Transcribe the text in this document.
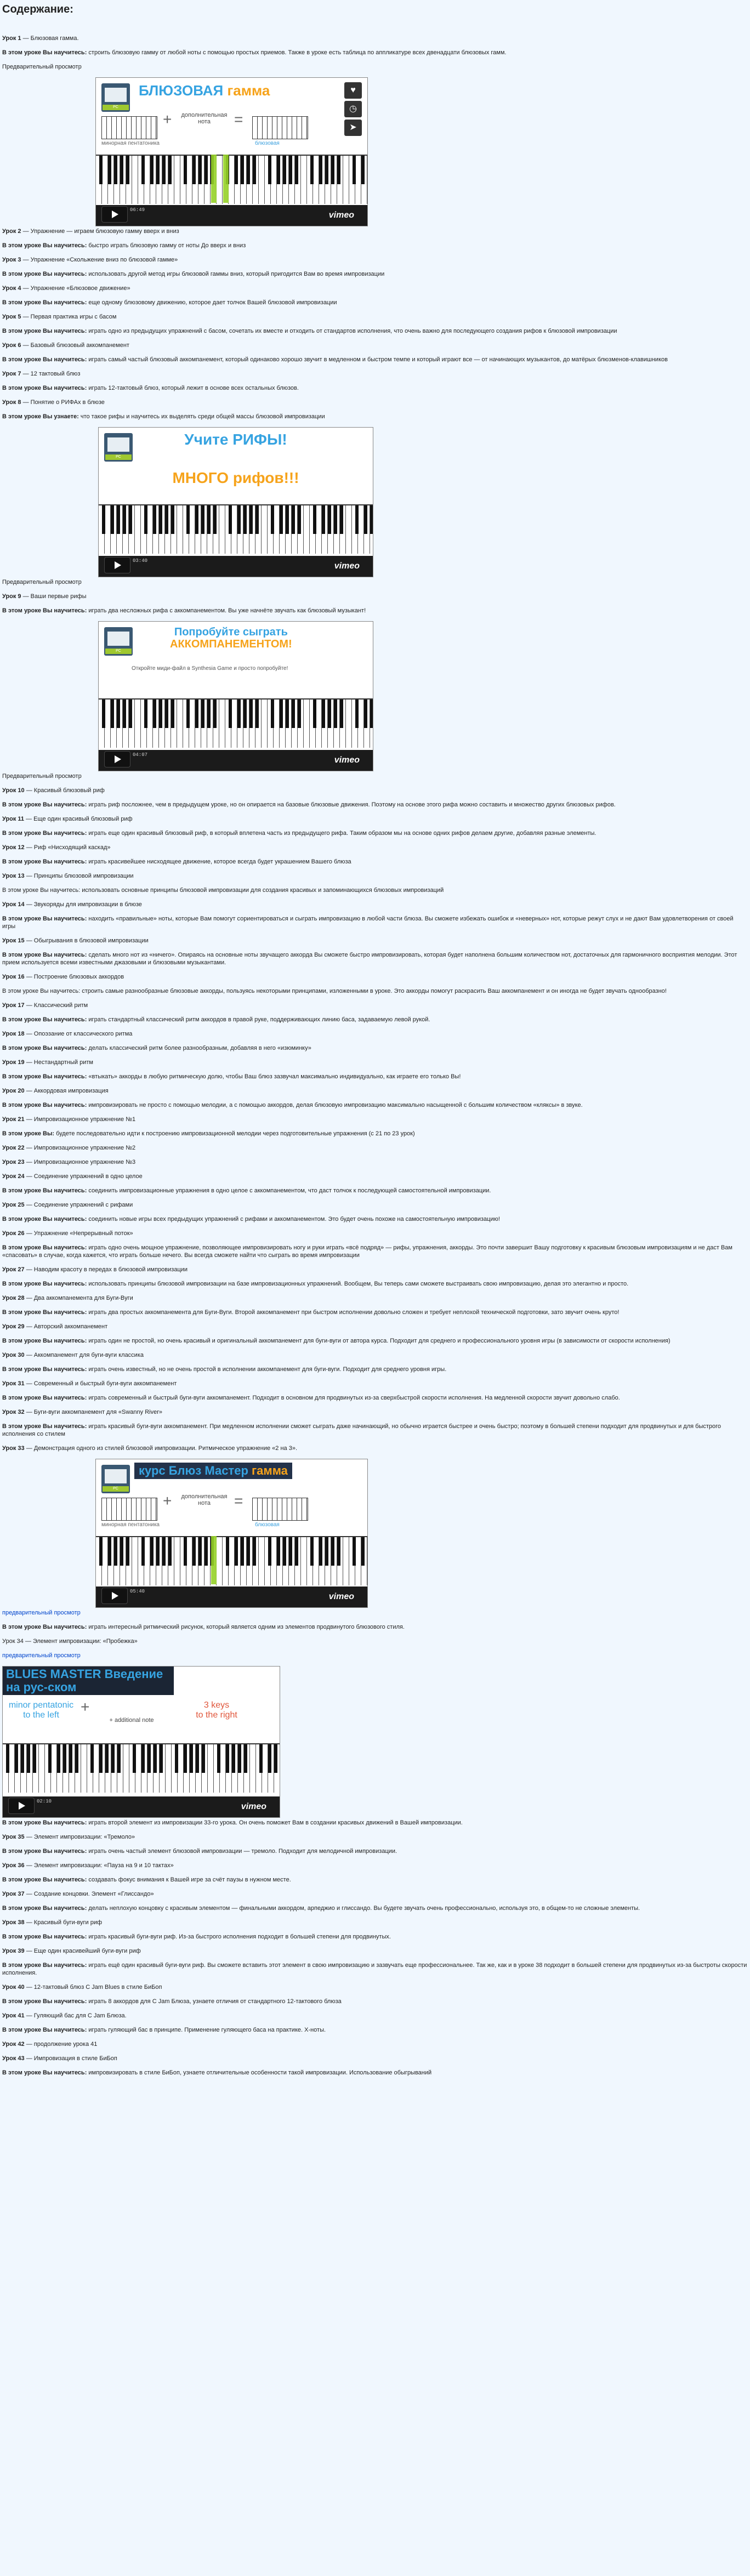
Содержание:
Урок 1 — Блюзовая гамма.
В этом уроке Вы научитесь: строить блюзовую гамму от любой ноты с помощью простых приемов. Также в уроке есть таблица по аппликатуре всех двенадцати блюзовых гамм.
Предварительный просмотр
PC
БЛЮЗОВАЯ гамма
+	дополнительная нота	=
минорная пентатоника	блюзовая
♥
◷
➤
06:49
vimeo
Урок 2 — Упражнение — играем блюзовую гамму вверх и вниз
В этом уроке Вы научитесь: быстро играть блюзовую гамму от ноты До вверх и вниз
Урок 3 — Упражнение «Скольжение вниз по блюзовой гамме»
В этом уроке Вы научитесь: использовать другой метод игры блюзовой гаммы вниз, который пригодится Вам во время импровизации
Урок 4 — Упражнение «Блюзовое движение»
В этом уроке Вы научитесь: еще одному блюзовому движению, которое дает толчок Вашей блюзовой импровизации
Урок 5 — Первая практика игры с басом
В этом уроке Вы научитесь: играть одно из предыдущих упражнений с басом, сочетать их вместе и отходить от стандартов исполнения, что очень важно для последующего создания рифов к блюзовой импровизации
Урок 6 — Базовый блюзовый аккомпанемент
В этом уроке Вы научитесь: играть самый частый блюзовый аккомпанемент, который одинаково хорошо звучит в медленном и быстром темпе и который играют все — от начинающих музыкантов, до матёрых блюзменов-клавишников
Урок 7 — 12 тактовый блюз
В этом уроке Вы научитесь: играть 12-тактовый блюз, который лежит в основе всех остальных блюзов.
Урок 8 — Понятие о РИФАх в блюзе
В этом уроке Вы узнаете: что такое рифы и научитесь их выделять среди общей массы блюзовой импровизации
PC
Учите РИФЫ!
МНОГО рифов!!!
03:40
vimeo
Предварительный просмотр
Урок 9 — Ваши первые рифы
В этом уроке Вы научитесь: играть два несложных рифа с аккомпанементом. Вы уже начнёте звучать как блюзовый музыкант!
PC
Попробуйте сыграть
АККОМПАНЕМЕНТОМ!
Откройте миди-файл в Synthesia Game и просто попробуйте!
04:07
vimeo
Предварительный просмотр
Урок 10 — Красивый блюзовый риф
В этом уроке Вы научитесь: играть риф посложнее, чем в предыдущем уроке, но он опирается на базовые блюзовые движения. Поэтому на основе этого рифа можно составить и множество других блюзовых рифов.
Урок 11 — Еще один красивый блюзовый риф
В этом уроке Вы научитесь: играть еще один красивый блюзовый риф, в который вплетена часть из предыдущего рифа. Таким образом мы на основе одних рифов делаем другие, добавляя разные элементы.
Урок 12 — Риф «Нисходящий каскад»
В этом уроке Вы научитесь: играть красивейшее нисходящее движение, которое всегда будет украшением Вашего блюза
Урок 13 — Принципы блюзовой импровизации
В этом уроке Вы научитесь: использовать основные принципы блюзовой импровизации для создания красивых и запоминающихся блюзовых импровизаций
Урок 14 — Звукоряды для импровизации в блюзе
В этом уроке Вы научитесь: находить «правильные» ноты, которые Вам помогут сориентироваться и сыграть импровизацию в любой части блюза. Вы сможете избежать ошибок и «неверных» нот, которые режут слух и не дают Вам удовлетворения от своей игры
Урок 15 — Обыгрывания в блюзовой импровизации
В этом уроке Вы научитесь: сделать много нот из «ничего». Опираясь на основные ноты звучащего аккорда Вы сможете быстро импровизировать, которая будет наполнена большим количеством нот, достаточных для гармоничного восприятия мелодии. Этот прием используется всеми известными джазовыми и блюзовыми музыкантами.
Урок 16 — Построение блюзовых аккордов
В этом уроке Вы научитесь: строить самые разнообразные блюзовые аккорды, пользуясь некоторыми принципами, изложенными в уроке. Это аккорды помогут раскрасить Ваш аккомпанемент и он иногда не будет звучать однообразно!
Урок 17 — Классический ритм
В этом уроке Вы научитесь: играть стандартный классический ритм аккордов в правой руке, поддерживающих линию баса, задаваемую левой рукой.
Урок 18 — Опоэзание от классического ритма
В этом уроке Вы научитесь: делать классический ритм более разнообразным, добавляя в него «изюминку»
Урок 19 — Нестандартный ритм
В этом уроке Вы научитесь: «втыкать» аккорды в любую ритмическую долю, чтобы Ваш блюз зазвучал максимально индивидуально, как играете его только Вы!
Урок 20 — Аккордовая импровизация
В этом уроке Вы научитесь: импровизировать не просто с помощью мелодии, а с помощью аккордов, делая блюзовую импровизацию максимально насыщенной с большим количеством «кляксы» в звуке.
Урок 21 — Импровизационное упражнение №1
В этом уроке Вы: будете последовательно идти к построению импровизационной мелодии через подготовительные упражнения (с 21 по 23 урок)
Урок 22 — Импровизационное упражнение №2
Урок 23 — Импровизационное упражнение №3
Урок 24 — Соединение упражнений в одно целое
В этом уроке Вы научитесь: соединить импровизационные упражнения в одно целое с аккомпанементом, что даст толчок к последующей самостоятельной импровизации.
Урок 25 — Соединение упражнений с рифами
В этом уроке Вы научитесь: соединить новые игры всех предыдущих упражнений с рифами и аккомпанементом. Это будет очень похоже на самостоятельную импровизацию!
Урок 26 — Упражнение «Непрерывный поток»
В этом уроке Вы научитесь: играть одно очень мощное упражнение, позволяющее импровизировать ногу и руки играть «всё подряд» — рифы, упражнения, аккорды. Это почти завершит Вашу подготовку к красивым блюзовым импровизациям и не даст Вам «спасовать» в случае, когда кажется, что играть больше нечего. Вы всегда сможете найти что сыграть во время импровизации
Урок 27 — Наводим красоту в передах в блюзовой импровизации
В этом уроке Вы научитесь: использовать принципы блюзовой импровизации на базе импровизационных упражнений. Вообщем, Вы теперь сами сможете выстраивать свою импровизацию, делая это элегантно и просто.
Урок 28 — Два аккомпанемента для Буги-Вуги
В этом уроке Вы научитесь: играть два простых аккомпанемента для Буги-Вуги. Второй аккомпанемент при быстром исполнении довольно сложен и требует неплохой технической подготовки, зато звучит очень круто!
Урок 29 — Авторский аккомпанемент
В этом уроке Вы научитесь: играть один не простой, но очень красивый и оригинальный аккомпанемент для буги-вуги от автора курса. Подходит для среднего и профессионального уровня игры (в зависимости от скорости исполнения)
Урок 30 — Аккомпанемент для буги-вуги классика
В этом уроке Вы научитесь: играть очень известный, но не очень простой в исполнении аккомпанемент для буги-вуги. Подходит для среднего уровня игры.
Урок 31 — Современный и быстрый буги-вуги аккомпанемент
В этом уроке Вы научитесь: играть современный и быстрый буги-вуги аккомпанемент. Подходит в основном для продвинутых из-за сверхбыстрой скорости исполнения. На медленной скорости звучит довольно слабо.
Урок 32 — Буги-вуги аккомпанемент для «Swanny River»
В этом уроке Вы научитесь: играть красивый буги-вуги аккомпанемент. При медленном исполнении сможет сыграть даже начинающий, но обычно играется быстрее и очень быстро; поэтому в большей степени подходит для продвинутых и для быстрого исполнения со стилем
Урок 33 — Демонстрация одного из стилей блюзовой импровизации. Ритмическое упражнение «2 на 3».
PC
курс Блюз Мастер гамма
+	дополнительная нота	=
минорная пентатоника	блюзовая
05:40
vimeo
предварительный просмотр
В этом уроке Вы научитесь: играть интересный ритмический рисунок, который является одним из элементов продвинутого блюзового стиля.
Урок 34 — Элемент импровизации: «Пробежка»
предварительный просмотр
BLUES MASTER Введение на рус-ском
minor pentatonic
to the left	+
+ additional note
3 keys
to the right
02:10
vimeo
В этом уроке Вы научитесь: играть второй элемент из импровизации 33-го урока. Он очень поможет Вам в создании красивых движений в Вашей импровизации.
Урок 35 — Элемент импровизации: «Тремоло»
В этом уроке Вы научитесь: играть очень частый элемент блюзовой импровизации — тремоло. Подходит для мелодичной импровизации.
Урок 36 — Элемент импровизации: «Пауза на 9 и 10 тактах»
В этом уроке Вы научитесь: создавать фокус внимания к Вашей игре за счёт паузы в нужном месте.
Урок 37 — Создание концовки. Элемент «Глиссандо»
В этом уроке Вы научитесь: делать неплохую концовку с красивым элементом — финальными аккордом, арпеджио и глиссандо. Вы будете звучать очень профессионально, используя это, в общем-то не сложные элементы.
Урок 38 — Красивый буги-вуги риф
В этом уроке Вы научитесь: играть красивый буги-вуги риф. Из-за быстрого исполнения подходит в большей степени для продвинутых.
Урок 39 — Еще один красивейший буги-вуги риф
В этом уроке Вы научитесь: играть ещё один красивый буги-вуги риф. Вы сможете вставить этот элемент в свою импровизацию и зазвучать еще профессиональнее. Так же, как и в уроке 38 подходит в большей степени для продвинутых из-за быстроты скорости исполнения.
Урок 40 — 12-тактовый блюз С Jam Blues в стиле БиБоп
В этом уроке Вы научитесь: играть 8 аккордов для C Jam Блюза, узнаете отличия от стандартного 12-тактового блюза
Урок 41 — Гуляющий бас для C Jam Блюза.
В этом уроке Вы научитесь: играть гуляющий бас в принципе. Применение гуляющего баса на практике. Х-ноты.
Урок 42 — продолжение урока 41
Урок 43 — Импровизация в стиле БиБоп
В этом уроке Вы научитесь: импровизировать в стиле БиБоп, узнаете отличительные особенности такой импровизации. Использование обыгрываний
